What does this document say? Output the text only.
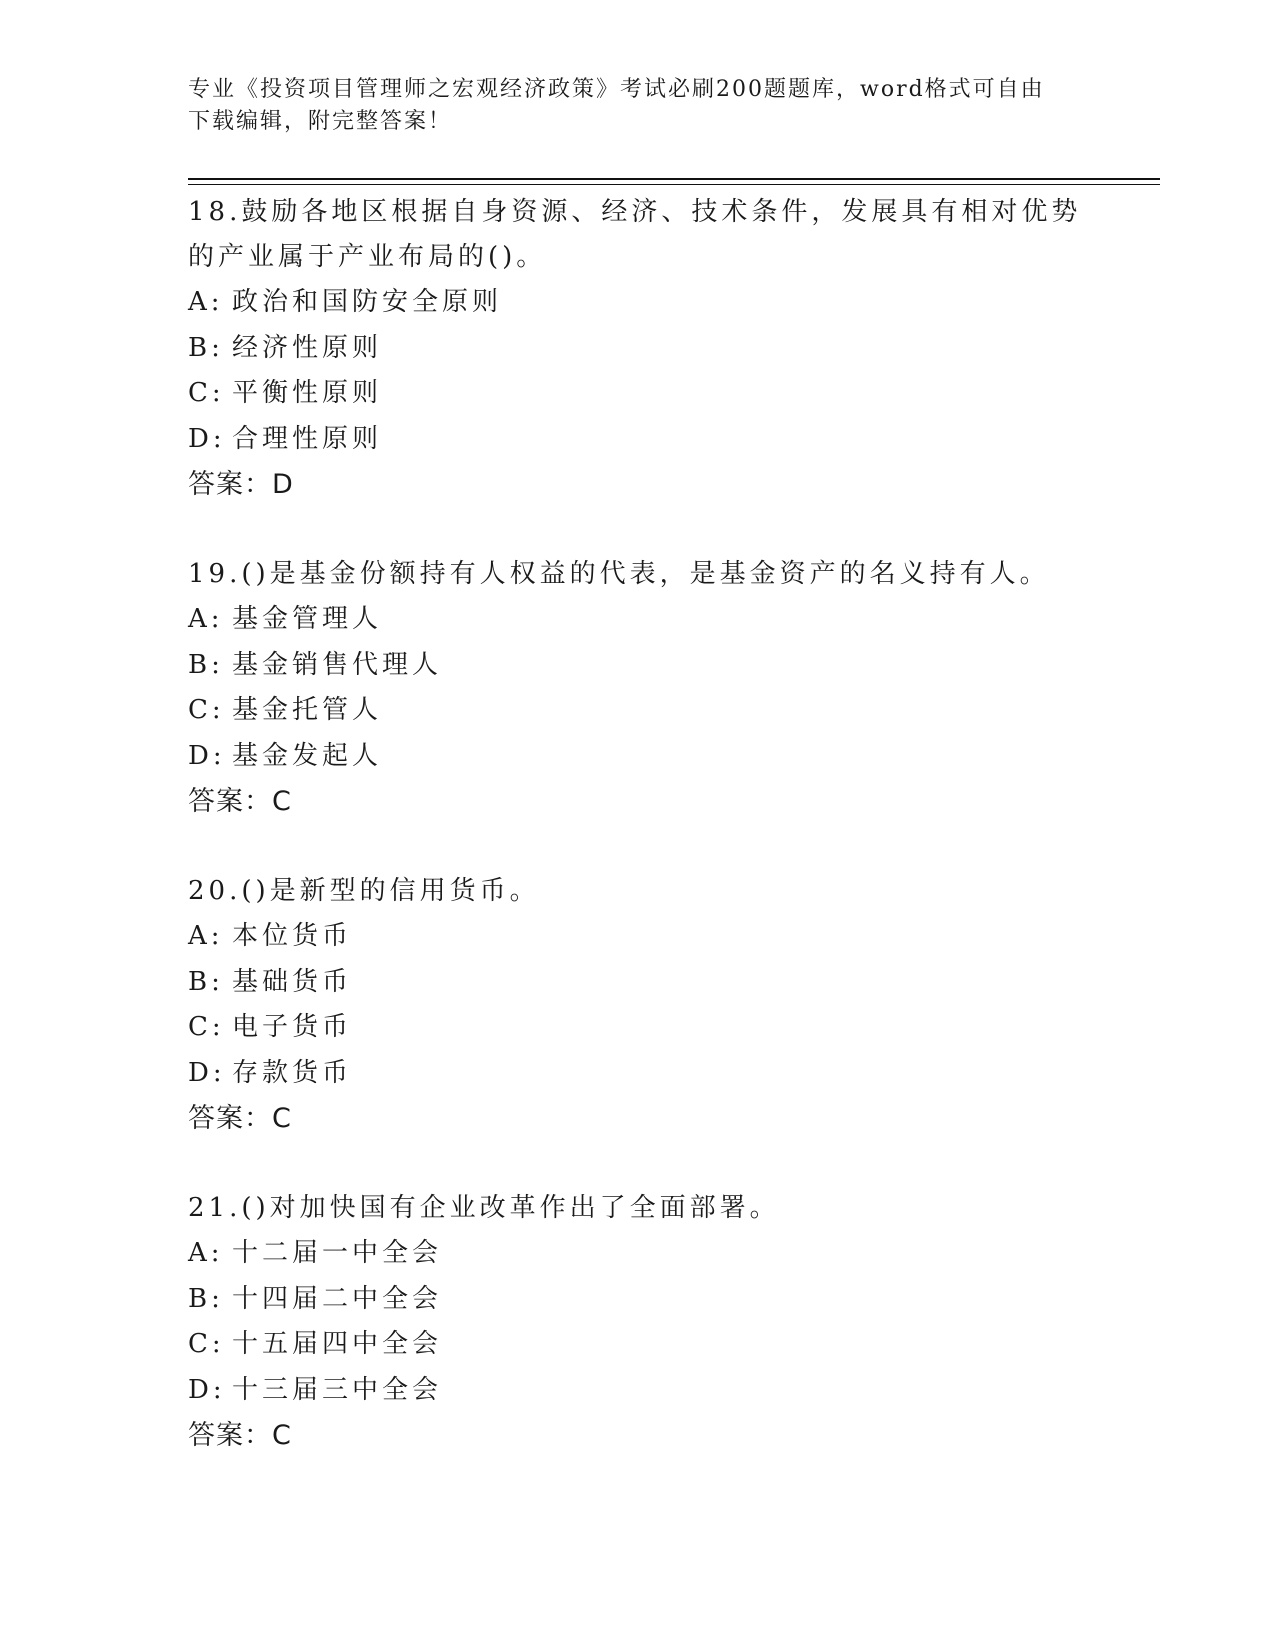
专业《投资项目管理师之宏观经济政策》考试必刷200题题库，word格式可自由下载编辑，附完整答案！

18.鼓励各地区根据自身资源、经济、技术条件，发展具有相对优势的产业属于产业布局的()。

A: 政治和国防安全原则

B: 经济性原则

C: 平衡性原则

D: 合理性原则

答案：D

19.()是基金份额持有人权益的代表，是基金资产的名义持有人。

A: 基金管理人

B: 基金销售代理人

C: 基金托管人

D: 基金发起人

答案：C

20.()是新型的信用货币。

A: 本位货币

B: 基础货币

C: 电子货币

D: 存款货币

答案：C

21.()对加快国有企业改革作出了全面部署。

A: 十二届一中全会

B: 十四届二中全会

C: 十五届四中全会

D: 十三届三中全会

答案：C
